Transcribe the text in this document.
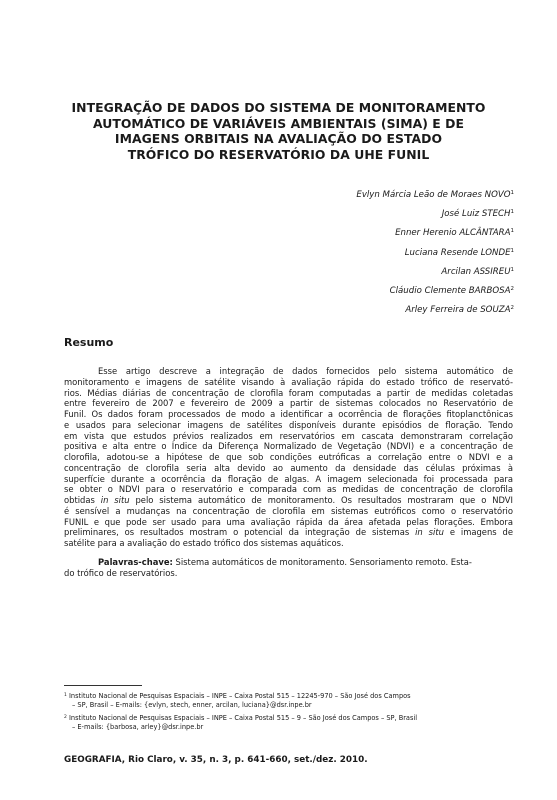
INTEGRAÇÃO DE DADOS DO SISTEMA DE MONITORAMENTO
AUTOMÁTICO DE VARIÁVEIS AMBIENTAIS (SIMA) E DE
IMAGENS ORBITAIS NA AVALIAÇÃO DO ESTADO
TRÓFICO DO RESERVATÓRIO DA UHE FUNIL
Evlyn Márcia Leão de Moraes NOVO$^1$
José Luiz STECH$^1$
Enner Herenio ALCÂNTARA$^1$
Luciana Resende LONDE$^1$
Arcilan ASSIREU$^1$
Cláudio Clemente BARBOSA$^2$
Arley Ferreira de SOUZA$^2$
Resumo
Esse artigo descreve a integração de dados fornecidos pelo sistema automático de
monitoramento e imagens de satélite visando à avaliação rápida do estado trófico de reservató-
rios. Médias diárias de concentração de clorofila foram computadas a partir de medidas coletadas
entre fevereiro de 2007 e fevereiro de 2009 a partir de sistemas colocados no Reservatório de
Funil. Os dados foram processados de modo a identificar a ocorrência de florações fitoplanctônicas
e usados para selecionar imagens de satélites disponíveis durante episódios de floração. Tendo
em vista que estudos prévios realizados em reservatórios em cascata demonstraram correlação
positiva e alta entre o Índice da Diferença Normalizado de Vegetação (NDVI) e a concentração de
clorofila, adotou-se a hipótese de que sob condições eutróficas a correlação entre o NDVI e a
concentração de clorofila seria alta devido ao aumento da densidade das células próximas à
superfície durante a ocorrência da floração de algas. A imagem selecionada foi processada para
se obter o NDVI para o reservatório e comparada com as medidas de concentração de clorofila
obtidas in situ pelo sistema automático de monitoramento. Os resultados mostraram que o NDVI
é sensível a mudanças na concentração de clorofila em sistemas eutróficos como o reservatório
FUNIL e que pode ser usado para uma avaliação rápida da área afetada pelas florações. Embora
preliminares, os resultados mostram o potencial da integração de sistemas in situ e imagens de
satélite para a avaliação do estado trófico dos sistemas aquáticos.
Palavras-chave: Sistema automáticos de monitoramento. Sensoriamento remoto. Esta-
do trófico de reservatórios.
$^1$ Instituto Nacional de Pesquisas Espaciais – INPE – Caixa Postal 515 – 12245-970 – São José dos Campos
– SP, Brasil – E-mails: {evlyn, stech, enner, arcilan, luciana}@dsr.inpe.br
$^2$ Instituto Nacional de Pesquisas Espaciais – INPE – Caixa Postal 515 – 9 – São José dos Campos – SP, Brasil
– E-mails: {barbosa, arley}@dsr.inpe.br
GEOGRAFIA, Rio Claro, v. 35, n. 3, p. 641-660, set./dez. 2010.
